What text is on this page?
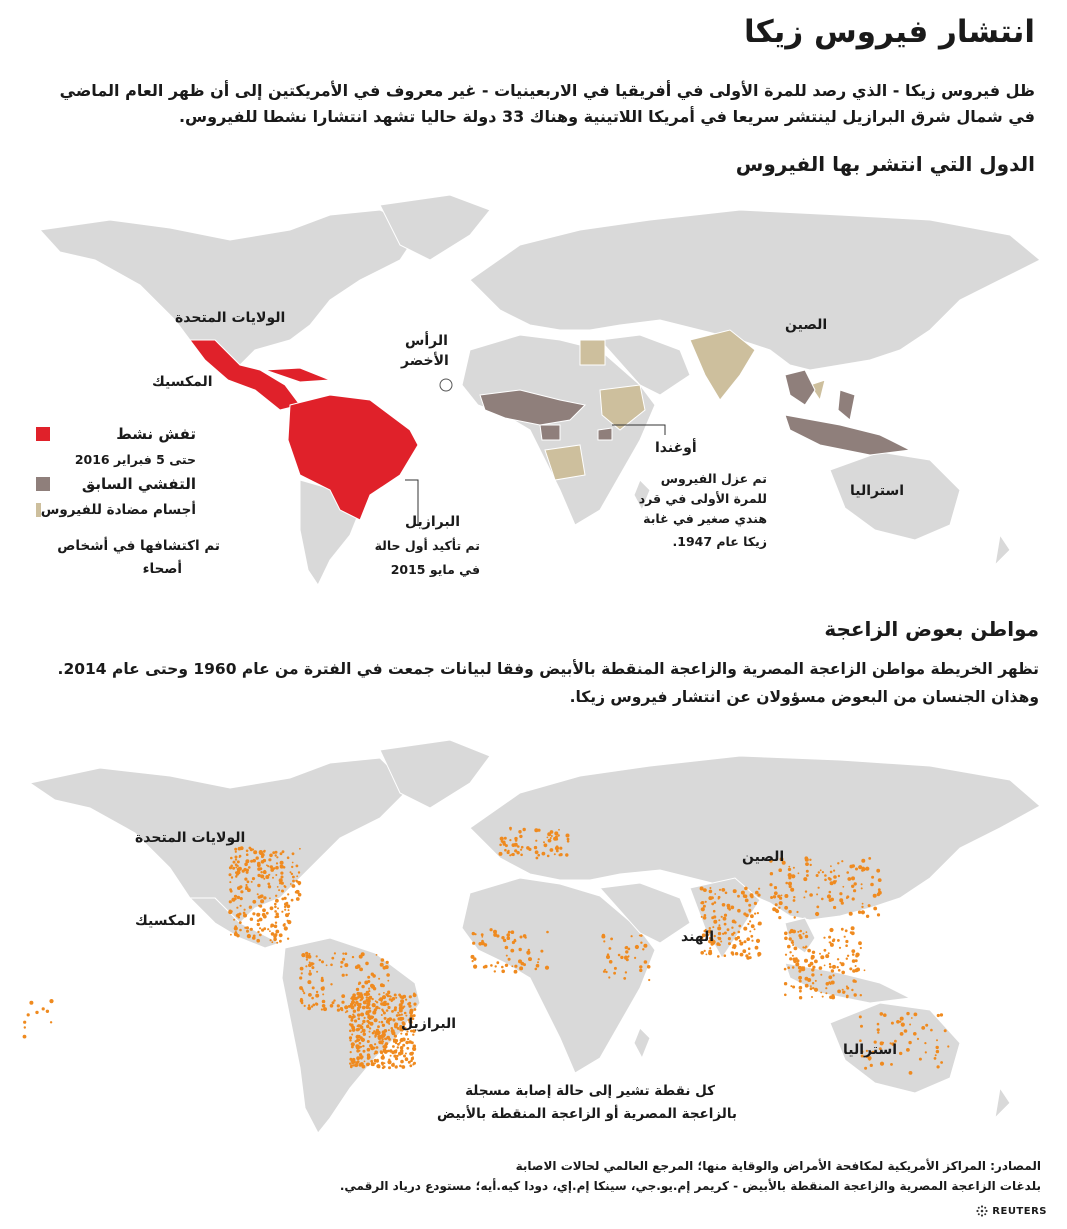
انتشار فيروس زيكا
ظل فيروس زيكا - الذي رصد للمرة الأولى في أفريقيا في الاربعينيات - غير معروف في الأمريكتين إلى أن ظهر العام الماضي في شمال شرق البرازيل لينتشر سريعا في أمريكا اللاتينية وهناك 33 دولة حاليا تشهد انتشارا نشطا للفيروس.
الدول التي انتشر بها الفيروس
الولايات المتحدة
المكسيك
الرأس
الأخضر
الصين
استراليا
أوغندا
تم عزل الفيروس
للمرة الأولى في قرد
هندي صغير في غابة
زيكا عام 1947.
البرازيل
تم تأكيد أول حالة
في مايو 2015
تفش نشط
حتى 5 فبراير 2016
التفشي السابق
أجسام مضادة للفيروس
تم اكتشافها في أشخاص
أصحاء
مواطن بعوض الزاعجة
تظهر الخريطة مواطن الزاعجة المصرية والزاعجة المنقطة بالأبيض وفقا لبيانات جمعت في الفترة من عام 1960 وحتى عام 2014.
وهذان الجنسان من البعوض مسؤولان عن انتشار فيروس زيكا.
الولايات المتحدة
المكسيك
الصين
الهند
البرازيل
استراليا
كل نقطة تشير إلى حالة إصابة مسجلة
بالزاعجة المصرية أو الزاعجة المنقطة بالأبيض
المصادر: المراكز الأمريكية لمكافحة الأمراض والوقاية منها؛ المرجع العالمي لحالات الاصابة
بلدغات الزاعجة المصرية والزاعجة المنقطة بالأبيض - كريمر إم.يو.جي، سينكا إم.إي، دودا كيه.أيه؛ مستودع درياد الرقمي.
REUTERS
